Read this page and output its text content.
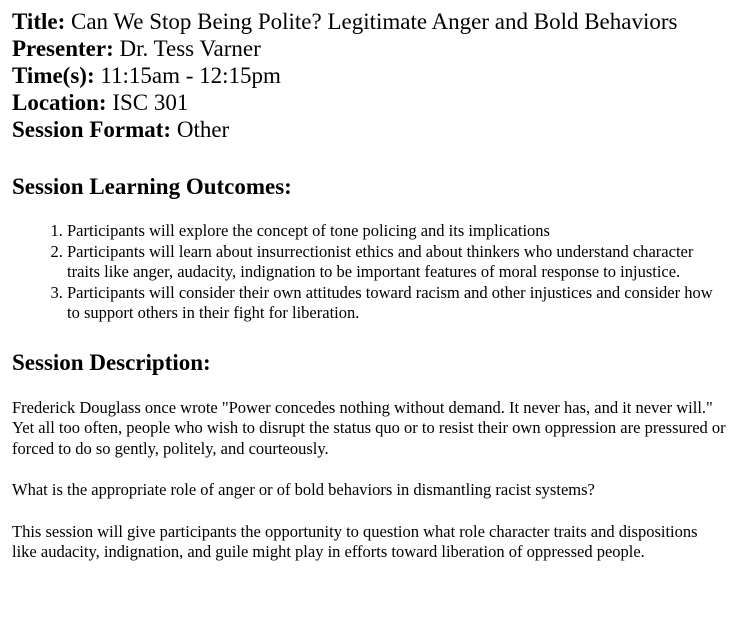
Title: Can We Stop Being Polite? Legitimate Anger and Bold Behaviors

Presenter: Dr. Tess Varner

Time(s): 11:15am - 12:15pm

Location: ISC 301

Session Format: Other

Session Learning Outcomes:
1. Participants will explore the concept of tone policing and its implications
2. Participants will learn about insurrectionist ethics and about thinkers who understand character traits like anger, audacity, indignation to be important features of moral response to injustice.
3. Participants will consider their own attitudes toward racism and other injustices and consider how to support others in their fight for liberation.
Session Description:

Frederick Douglass once wrote "Power concedes nothing without demand. It never has, and it never will." Yet all too often, people who wish to disrupt the status quo or to resist their own oppression are pressured or forced to do so gently, politely, and courteously.

What is the appropriate role of anger or of bold behaviors in dismantling racist systems?

This session will give participants the opportunity to question what role character traits and dispositions like audacity, indignation, and guile might play in efforts toward liberation of oppressed people.
